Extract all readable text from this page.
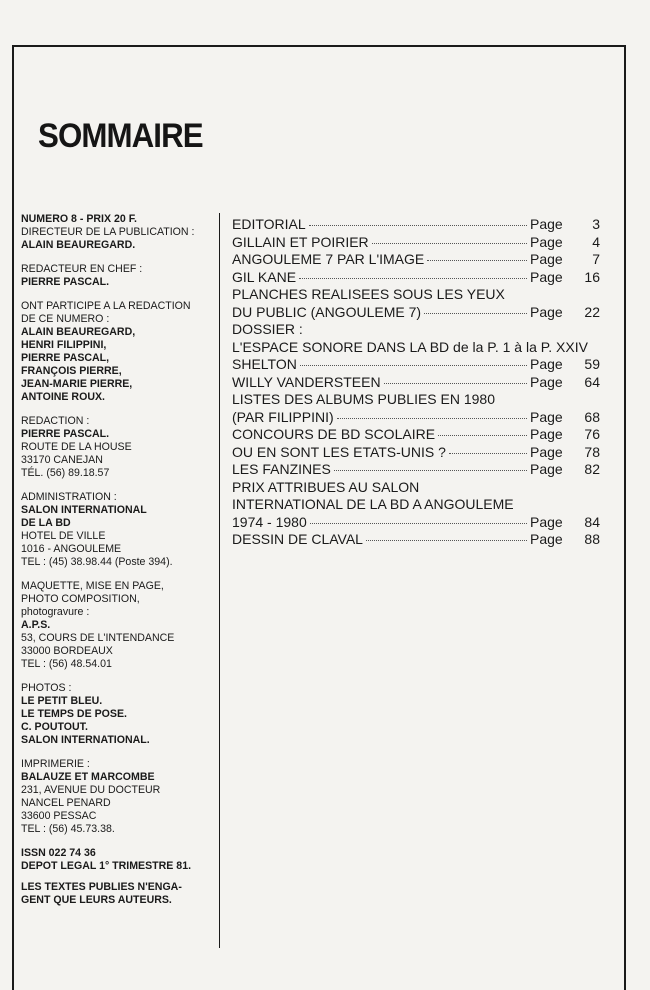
SOMMAIRE
NUMERO 8 - PRIX 20 F.
DIRECTEUR DE LA PUBLICATION :
ALAIN BEAUREGARD.
REDACTEUR EN CHEF :
PIERRE PASCAL.
ONT PARTICIPE A LA REDACTION
DE CE NUMERO :
ALAIN BEAUREGARD,
HENRI FILIPPINI,
PIERRE PASCAL,
FRANÇOIS PIERRE,
JEAN-MARIE PIERRE,
ANTOINE ROUX.
REDACTION :
PIERRE PASCAL.
ROUTE DE LA HOUSE
33170 CANEJAN
TÉL. (56) 89.18.57
ADMINISTRATION :
SALON INTERNATIONAL
DE LA BD
HOTEL DE VILLE
1016 - ANGOULEME
TEL : (45) 38.98.44 (Poste 394).
MAQUETTE, MISE EN PAGE,
PHOTO COMPOSITION,
photogravure :
A.P.S.
53, COURS DE L'INTENDANCE
33000 BORDEAUX
TEL : (56) 48.54.01
PHOTOS :
LE PETIT BLEU.
LE TEMPS DE POSE.
C. POUTOUT.
SALON INTERNATIONAL.
IMPRIMERIE :
BALAUZE ET MARCOMBE
231, AVENUE DU DOCTEUR
NANCEL PENARD
33600 PESSAC
TEL : (56) 45.73.38.
ISSN 022 74 36
DEPOT LEGAL 1° TRIMESTRE 81.
LES TEXTES PUBLIES N'ENGA-
GENT QUE LEURS AUTEURS.
EDITORIAL	Page	3
GILLAIN ET POIRIER	Page	4
ANGOULEME 7 PAR L'IMAGE	Page	7
GIL KANE	Page	16
PLANCHES REALISEES SOUS LES YEUX
DU PUBLIC (ANGOULEME 7)	Page	22
DOSSIER :
L'ESPACE SONORE DANS LA BD de la P. 1 à la P. XXIV
SHELTON	Page	59
WILLY VANDERSTEEN	Page	64
LISTES DES ALBUMS PUBLIES EN 1980
(PAR FILIPPINI)	Page	68
CONCOURS DE BD SCOLAIRE	Page	76
OU EN SONT LES ETATS-UNIS ?	Page	78
LES FANZINES	Page	82
PRIX ATTRIBUES AU SALON
INTERNATIONAL DE LA BD A ANGOULEME
1974 - 1980	Page	84
DESSIN DE CLAVAL	Page	88
